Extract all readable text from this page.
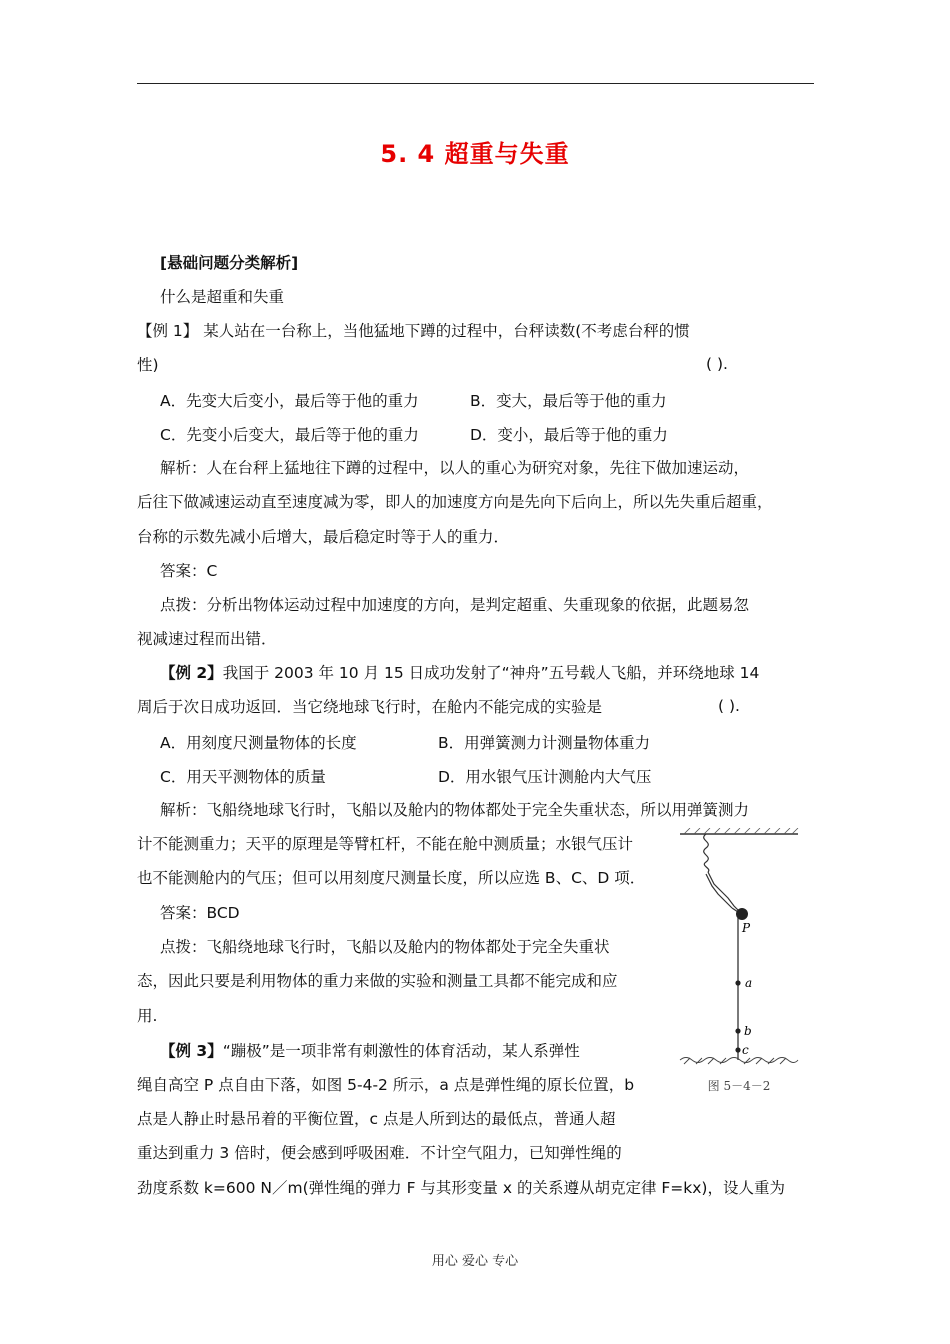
5. 4 超重与失重
[悬础问题分类解析]
什么是超重和失重
【例 1】 某人站在一台称上，当他猛地下蹲的过程中，台秤读数(不考虑台秤的惯
性)	( ).
A．先变大后变小，最后等于他的重力	B．变大，最后等于他的重力
C．先变小后变大，最后等于他的重力	D．变小，最后等于他的重力
解析：人在台秤上猛地往下蹲的过程中，以人的重心为研究对象，先往下做加速运动，
后往下做减速运动直至速度减为零，即人的加速度方向是先向下后向上，所以先失重后超重，
台称的示数先减小后增大，最后稳定时等于人的重力．
答案：C
点拨：分析出物体运动过程中加速度的方向，是判定超重、失重现象的依据，此题易忽
视减速过程而出错．
【例 2】我国于 2003 年 10 月 15 日成功发射了“神舟”五号载人飞船，并环绕地球 14
周后于次日成功返回．当它绕地球飞行时，在舱内不能完成的实验是	( ).
A．用刻度尺测量物体的长度	B．用弹簧测力计测量物体重力
C．用天平测物体的质量	D．用水银气压计测舱内大气压
解析：飞船绕地球飞行时，飞船以及舱内的物体都处于完全失重状态，所以用弹簧测力
计不能测重力；天平的原理是等臂杠杆，不能在舱中测质量；水银气压计
也不能测舱内的气压；但可以用刻度尺测量长度，所以应选 B、C、D 项．
答案：BCD
点拨：飞船绕地球飞行时，飞船以及舱内的物体都处于完全失重状
态，因此只要是利用物体的重力来做的实验和测量工具都不能完成和应
用.
【例 3】“蹦极”是一项非常有刺激性的体育活动，某人系弹性
绳自高空 P 点自由下落，如图 5-4-2 所示，a 点是弹性绳的原长位置，b
点是人静止时悬吊着的平衡位置，c 点是人所到达的最低点，普通人超
重达到重力 3 倍时，便会感到呼吸困难．不计空气阻力，已知弹性绳的
劲度系数 k=600 N／m(弹性绳的弹力 F 与其形变量 x 的关系遵从胡克定律 F=kx)，设人重为
P
a
b
c
图 5－4－2
用心 爱心 专心
